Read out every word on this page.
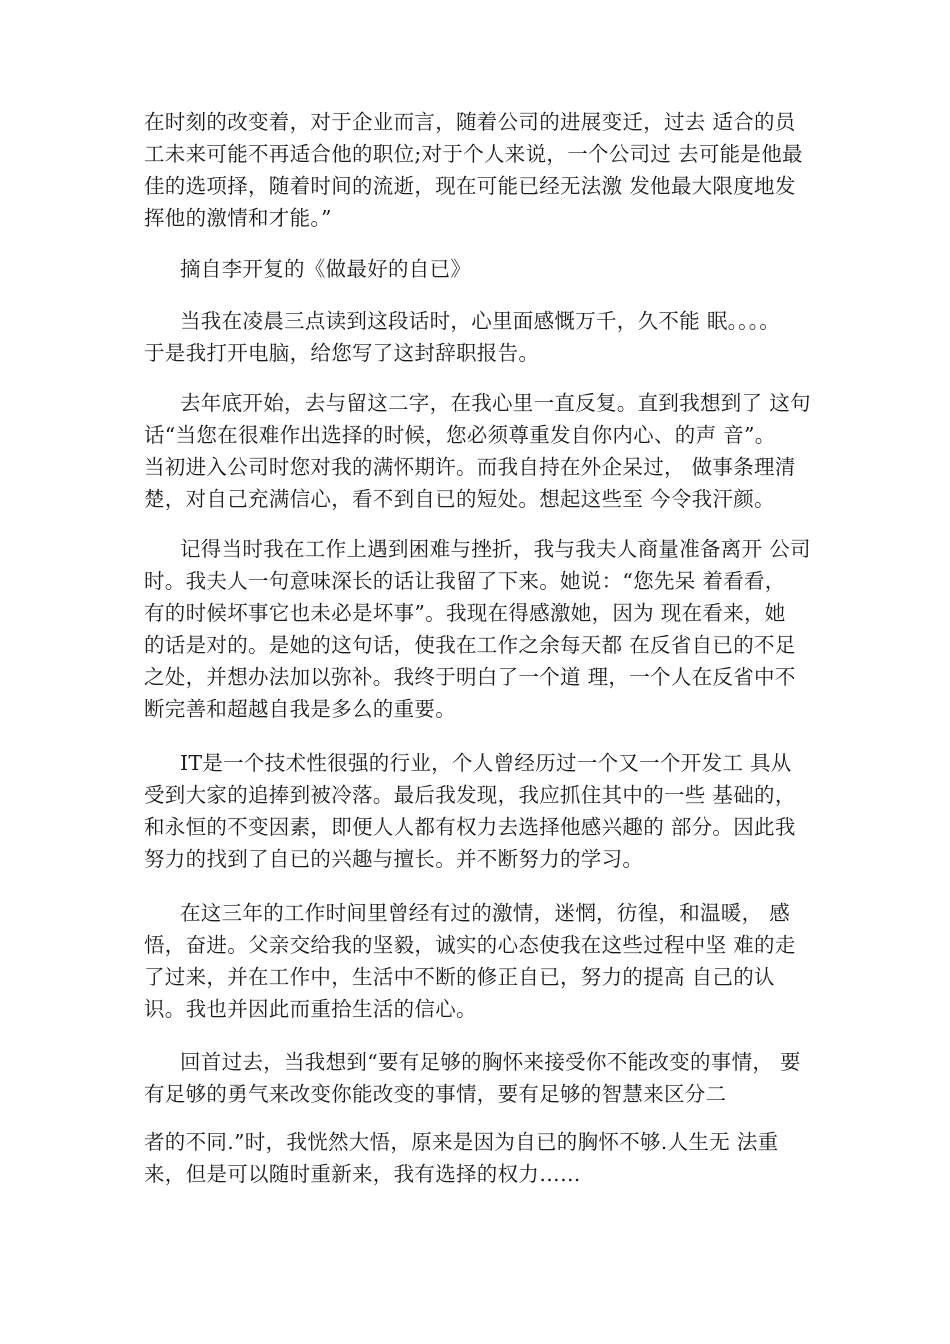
在时刻的改变着，对于企业而言，随着公司的进展变迁，过去 适合的员
工未来可能不再适合他的职位;对于个人来说，一个公司过 去可能是他最
佳的选项择，随着时间的流逝，现在可能已经无法激 发他最大限度地发
挥他的激情和才能。”

摘自李开复的《做最好的自已》

当我在凌晨三点读到这段话时，心里面感慨万千，久不能 眠。。。。
于是我打开电脑，给您写了这封辞职报告。

去年底开始，去与留这二字，在我心里一直反复。直到我想到了 这句
话“当您在很难作出选择的时候，您必须尊重发自你内心、的声 音”。
当初进入公司时您对我的满怀期许。而我自持在外企呆过， 做事条理清
楚，对自己充满信心，看不到自已的短处。想起这些至 今令我汗颜。

记得当时我在工作上遇到困难与挫折，我与我夫人商量准备离开 公司
时。我夫人一句意味深长的话让我留了下来。她说：“您先呆 着看看，
有的时候坏事它也未必是坏事”。我现在得感激她，因为 现在看来，她
的话是对的。是她的这句话，使我在工作之余每天都 在反省自已的不足
之处，并想办法加以弥补。我终于明白了一个道 理，一个人在反省中不
断完善和超越自我是多么的重要。

IT是一个技术性很强的行业，个人曾经历过一个又一个开发工 具从
受到大家的追捧到被冷落。最后我发现，我应抓住其中的一些 基础的，
和永恒的不变因素，即便人人都有权力去选择他感兴趣的 部分。因此我
努力的找到了自已的兴趣与擅长。并不断努力的学习。

在这三年的工作时间里曾经有过的激情，迷惘，彷徨，和温暖， 感
悟，奋进。父亲交给我的坚毅，诚实的心态使我在这些过程中坚 难的走
了过来，并在工作中，生活中不断的修正自已，努力的提高 自己的认
识。我也并因此而重拾生活的信心。

回首过去，当我想到“要有足够的胸怀来接受你不能改变的事情， 要
有足够的勇气来改变你能改变的事情，要有足够的智慧来区分二

者的不同.”时，我恍然大悟，原来是因为自已的胸怀不够.人生无 法重
来，但是可以随时重新来，我有选择的权力……
